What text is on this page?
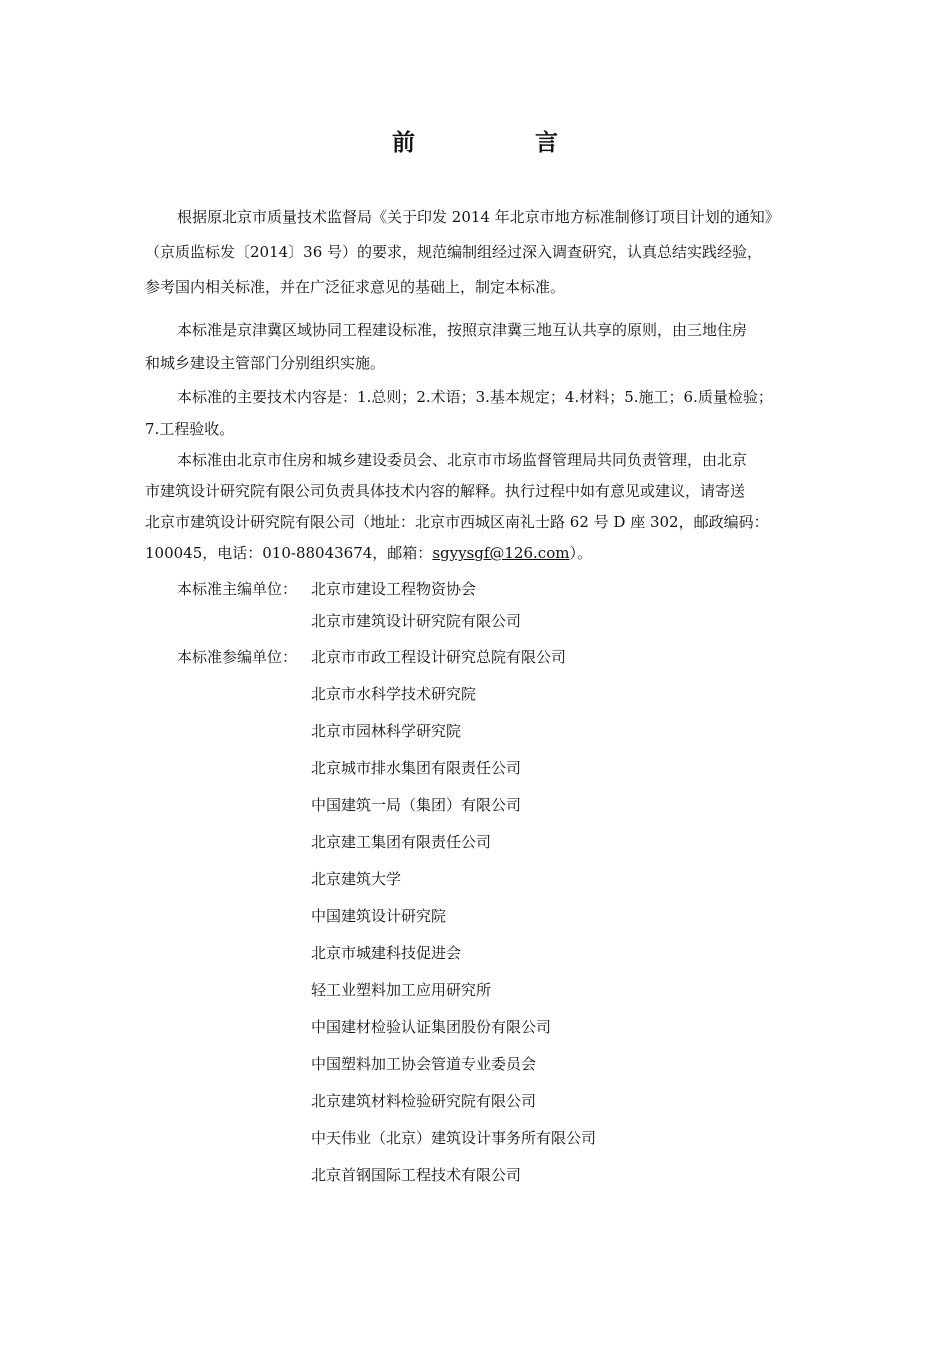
前 言
根据原北京市质量技术监督局《关于印发 2014 年北京市地方标准制修订项目计划的通知》
（京质监标发〔2014〕36 号）的要求，规范编制组经过深入调查研究，认真总结实践经验，
参考国内相关标准，并在广泛征求意见的基础上，制定本标准。
本标准是京津冀区域协同工程建设标准，按照京津冀三地互认共享的原则，由三地住房
和城乡建设主管部门分别组织实施。
本标准的主要技术内容是：1.总则；2.术语；3.基本规定；4.材料；5.施工；6.质量检验；
7.工程验收。
本标准由北京市住房和城乡建设委员会、北京市市场监督管理局共同负责管理，由北京
市建筑设计研究院有限公司负责具体技术内容的解释。执行过程中如有意见或建议，请寄送
北京市建筑设计研究院有限公司（地址：北京市西城区南礼士路 62 号 D 座 302，邮政编码：
100045，电话：010-88043674，邮箱：sgyysgf@126.com）。
本标准主编单位： 北京市建设工程物资协会
北京市建筑设计研究院有限公司
本标准参编单位： 北京市市政工程设计研究总院有限公司
北京市水科学技术研究院
北京市园林科学研究院
北京城市排水集团有限责任公司
中国建筑一局（集团）有限公司
北京建工集团有限责任公司
北京建筑大学
中国建筑设计研究院
北京市城建科技促进会
轻工业塑料加工应用研究所
中国建材检验认证集团股份有限公司
中国塑料加工协会管道专业委员会
北京建筑材料检验研究院有限公司
中天伟业（北京）建筑设计事务所有限公司
北京首钢国际工程技术有限公司
